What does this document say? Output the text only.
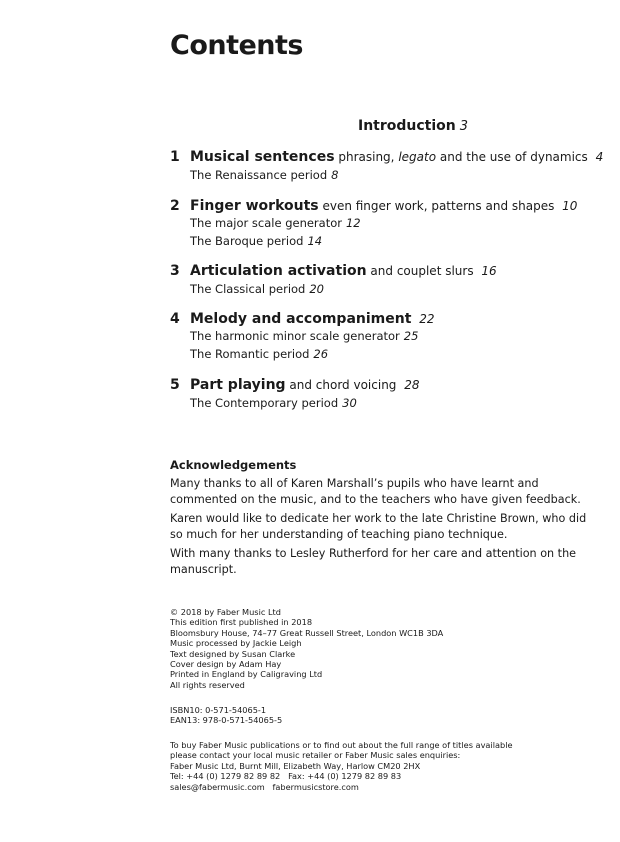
Contents
Introduction 3
1 Musical sentences phrasing, legato and the use of dynamics 4
The Renaissance period 8
2 Finger workouts even finger work, patterns and shapes 10
The major scale generator 12
The Baroque period 14
3 Articulation activation and couplet slurs 16
The Classical period 20
4 Melody and accompaniment 22
The harmonic minor scale generator 25
The Romantic period 26
5 Part playing and chord voicing 28
The Contemporary period 30
Acknowledgements

Many thanks to all of Karen Marshall’s pupils who have learnt and commented on the music, and to the teachers who have given feedback.

Karen would like to dedicate her work to the late Christine Brown, who did so much for her understanding of teaching piano technique.

With many thanks to Lesley Rutherford for her care and attention on the manuscript.

© 2018 by Faber Music Ltd
This edition first published in 2018
Bloomsbury House, 74–77 Great Russell Street, London WC1B 3DA
Music processed by Jackie Leigh
Text designed by Susan Clarke
Cover design by Adam Hay
Printed in England by Caligraving Ltd
All rights reserved
ISBN10: 0-571-54065-1
EAN13: 978-0-571-54065-5
To buy Faber Music publications or to find out about the full range of titles available
please contact your local music retailer or Faber Music sales enquiries:
Faber Music Ltd, Burnt Mill, Elizabeth Way, Harlow CM20 2HX
Tel: +44 (0) 1279 82 89 82   Fax: +44 (0) 1279 82 89 83
sales@fabermusic.com   fabermusicstore.com
